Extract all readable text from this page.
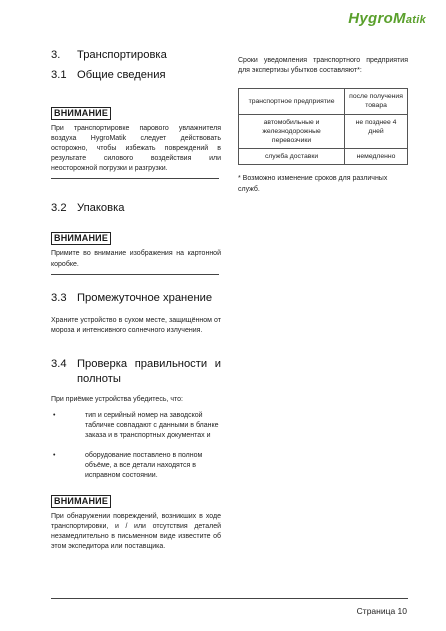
HygroMatik
3. Транспортировка
3.1 Общие сведения
ВНИМАНИЕ

При транспортировке парового увлажнителя воздуха HygroMatik следует действовать осторожно, чтобы избежать повреждений в результате силового воздействия или неосторожной погрузки и разгрузки.

3.2 Упаковка
ВНИМАНИЕ

Примите во внимание изображения на картонной коробке.

3.3 Промежуточное хранение

Храните устройство в сухом месте, защищённом от мороза и интенсивного солнечного излучения.

3.4 Проверка правильности и полноты

При приёмке устройства убедитесь, что:

•	тип и серийный номер на заводской табличке совпадают с данными в бланке заказа и в транспортных документах и
•	оборудование поставлено в полном объёме, а все детали находятся в исправном состоянии.
ВНИМАНИЕ

При обнаружении повреждений, возникших в ходе транспортировки, и / или отсутствия деталей незамедлительно в письменном виде известите об этом экспедитора или поставщика.

Сроки уведомления транспортного предприятия для экспертизы убытков составляют*:

транспортное предприятие	после получения товара
автомобильные и железнодорожные перевозчики	не позднее 4 дней
служба доставки	немедленно

* Возможно изменение сроков для различных служб.

Страница 10
